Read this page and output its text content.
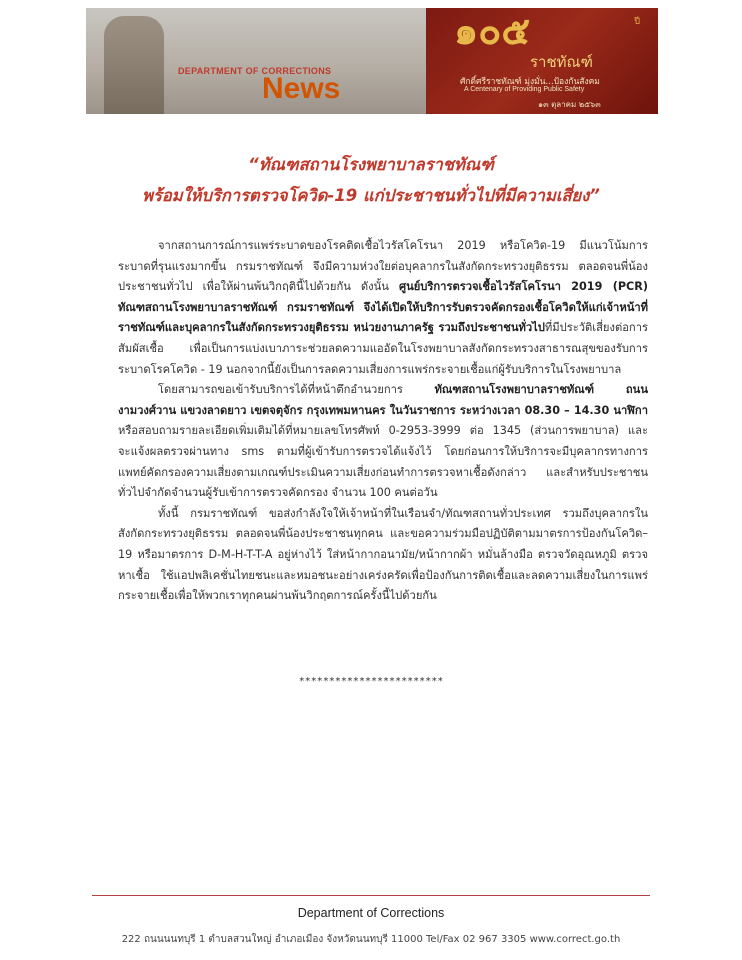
DEPARTMENT OF CORRECTIONS
News
๑๐๕	ปี
ราชทัณฑ์
ศักดิ์ศรีราชทัณฑ์ มุ่งมั่น...ป้องกันสังคม
A Centenary of Providing Public Safety
๑๓ ตุลาคม ๒๕๖๓
“ทัณฑสถานโรงพยาบาลราชทัณฑ์
พร้อมให้บริการตรวจโควิด-19 แก่ประชาชนทั่วไปที่มีความเสี่ยง”

จากสถานการณ์การแพร่ระบาดของโรคติดเชื้อไวรัสโคโรนา 2019 หรือโควิด-19 มีแนวโน้มการระบาดที่รุนแรงมากขึ้น กรมราชทัณฑ์ จึงมีความห่วงใยต่อบุคลากรในสังกัดกระทรวงยุติธรรม ตลอดจนพี่น้องประชาชนทั่วไป เพื่อให้ผ่านพ้นวิกฤตินี้ไปด้วยกัน ดังนั้น ศูนย์บริการตรวจเชื้อไวรัสโคโรนา 2019 (PCR) ทัณฑสถานโรงพยาบาลราชทัณฑ์ กรมราชทัณฑ์ จึงได้เปิดให้บริการรับตรวจคัดกรองเชื้อโควิดให้แก่เจ้าหน้าที่ราชทัณฑ์และบุคลากรในสังกัดกระทรวงยุติธรรม หน่วยงานภาครัฐ รวมถึงประชาชนทั่วไปที่มีประวัติเสี่ยงต่อการสัมผัสเชื้อ เพื่อเป็นการแบ่งเบาภาระช่วยลดความแออัดในโรงพยาบาลสังกัดกระทรวงสาธารณสุขของรับการระบาดโรคโควิด - 19 นอกจากนี้ยังเป็นการลดความเสี่ยงการแพร่กระจายเชื้อแก่ผู้รับบริการในโรงพยาบาล

โดยสามารถขอเข้ารับบริการได้ที่หน้าตึกอำนวยการ ทัณฑสถานโรงพยาบาลราชทัณฑ์ ถนนงามวงศ์วาน แขวงลาดยาว เขตจตุจักร กรุงเทพมหานคร ในวันราชการ ระหว่างเวลา 08.30 – 14.30 นาฬิกา หรือสอบถามรายละเอียดเพิ่มเติมได้ที่หมายเลขโทรศัพท์ 0-2953-3999 ต่อ 1345 (ส่วนการพยาบาล) และจะแจ้งผลตรวจผ่านทาง sms ตามที่ผู้เข้ารับการตรวจได้แจ้งไว้ โดยก่อนการให้บริการจะมีบุคลากรทางการแพทย์คัดกรองความเสี่ยงตามเกณฑ์ประเมินความเสี่ยงก่อนทำการตรวจหาเชื้อดังกล่าว และสำหรับประชาชนทั่วไปจำกัดจำนวนผู้รับเข้าการตรวจคัดกรอง จำนวน 100 คนต่อวัน

ทั้งนี้ กรมราชทัณฑ์ ขอส่งกำลังใจให้เจ้าหน้าที่ในเรือนจำ/ทัณฑสถานทั่วประเทศ รวมถึงบุคลากรในสังกัดกระทรวงยุติธรรม ตลอดจนพี่น้องประชาชนทุกคน และขอความร่วมมือปฏิบัติตามมาตรการป้องกันโควิด–19 หรือมาตรการ D-M-H-T-T-A อยู่ห่างไว้ ใส่หน้ากากอนามัย/หน้ากากผ้า หมั่นล้างมือ ตรวจวัดอุณหภูมิ ตรวจหาเชื้อ ใช้แอปพลิเคชั่นไทยชนะและหมอชนะอย่างเคร่งครัดเพื่อป้องกันการติดเชื้อและลดความเสี่ยงในการแพร่กระจายเชื้อเพื่อให้พวกเราทุกคนผ่านพ้นวิกฤตการณ์ครั้งนี้ไปด้วยกัน

************************
Department of Corrections
222 ถนนนนทบุรี 1 ตำบลสวนใหญ่ อำเภอเมือง จังหวัดนนทบุรี 11000 Tel/Fax 02 967 3305 www.correct.go.th
